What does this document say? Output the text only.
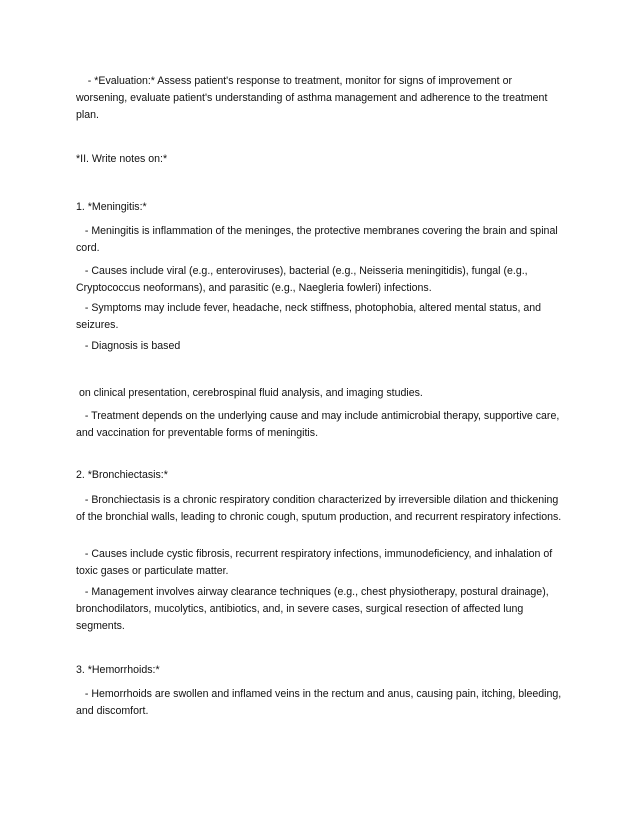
- *Evaluation:* Assess patient's response to treatment, monitor for signs of improvement or worsening, evaluate patient's understanding of asthma management and adherence to the treatment plan.

*II. Write notes on:*

1. *Meningitis:*

- Meningitis is inflammation of the meninges, the protective membranes covering the brain and spinal cord.

- Causes include viral (e.g., enteroviruses), bacterial (e.g., Neisseria meningitidis), fungal (e.g., Cryptococcus neoformans), and parasitic (e.g., Naegleria fowleri) infections.

- Symptoms may include fever, headache, neck stiffness, photophobia, altered mental status, and seizures.

- Diagnosis is based

on clinical presentation, cerebrospinal fluid analysis, and imaging studies.

- Treatment depends on the underlying cause and may include antimicrobial therapy, supportive care, and vaccination for preventable forms of meningitis.

2. *Bronchiectasis:*

- Bronchiectasis is a chronic respiratory condition characterized by irreversible dilation and thickening of the bronchial walls, leading to chronic cough, sputum production, and recurrent respiratory infections.

- Causes include cystic fibrosis, recurrent respiratory infections, immunodeficiency, and inhalation of toxic gases or particulate matter.

- Management involves airway clearance techniques (e.g., chest physiotherapy, postural drainage), bronchodilators, mucolytics, antibiotics, and, in severe cases, surgical resection of affected lung segments.

3. *Hemorrhoids:*

- Hemorrhoids are swollen and inflamed veins in the rectum and anus, causing pain, itching, bleeding, and discomfort.
